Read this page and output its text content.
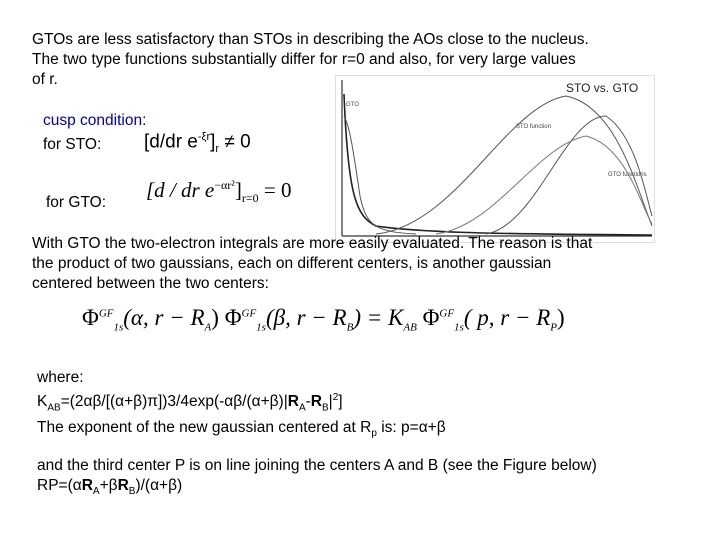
GTOs are less satisfactory than STOs in describing the AOs close to the nucleus.
The two type functions substantially differ for r=0 and also, for very large values
of r.	STO vs. GTO
GTO
STO function
GTO functions
cusp condition:
for STO: [d/dr $e^{-\xi r}]_r \ne 0$
for GTO:
[d / dr $e^{-\alpha r^2}]_{r=0} = 0$
With GTO the two-electron integrals are more easily evaluated. The reason is that
the product of two gaussians, each on different centers, is another gaussian
centered between the two centers:
$\Phi^{GF}_{1s}(\alpha$, $r - R_A$) $\Phi^{GF}_{1s}(\beta$, $r - R_B) = K_{AB}$ $\Phi^{GF}_{1s}$( p, $r - R_P$)
where:
$K_{AB}=(2\alpha\beta/[(\alpha+\beta)\pi])3/4\exp(-\alpha\beta/(\alpha+\beta)|R_A-R_B|^2]$
The exponent of the new gaussian centered at $R_p$ is: p=α+β
and the third center P is on line joining the centers A and B (see the Figure below)
$RP=(\alpha R_A+\beta R_B)/(\alpha+\beta)$
